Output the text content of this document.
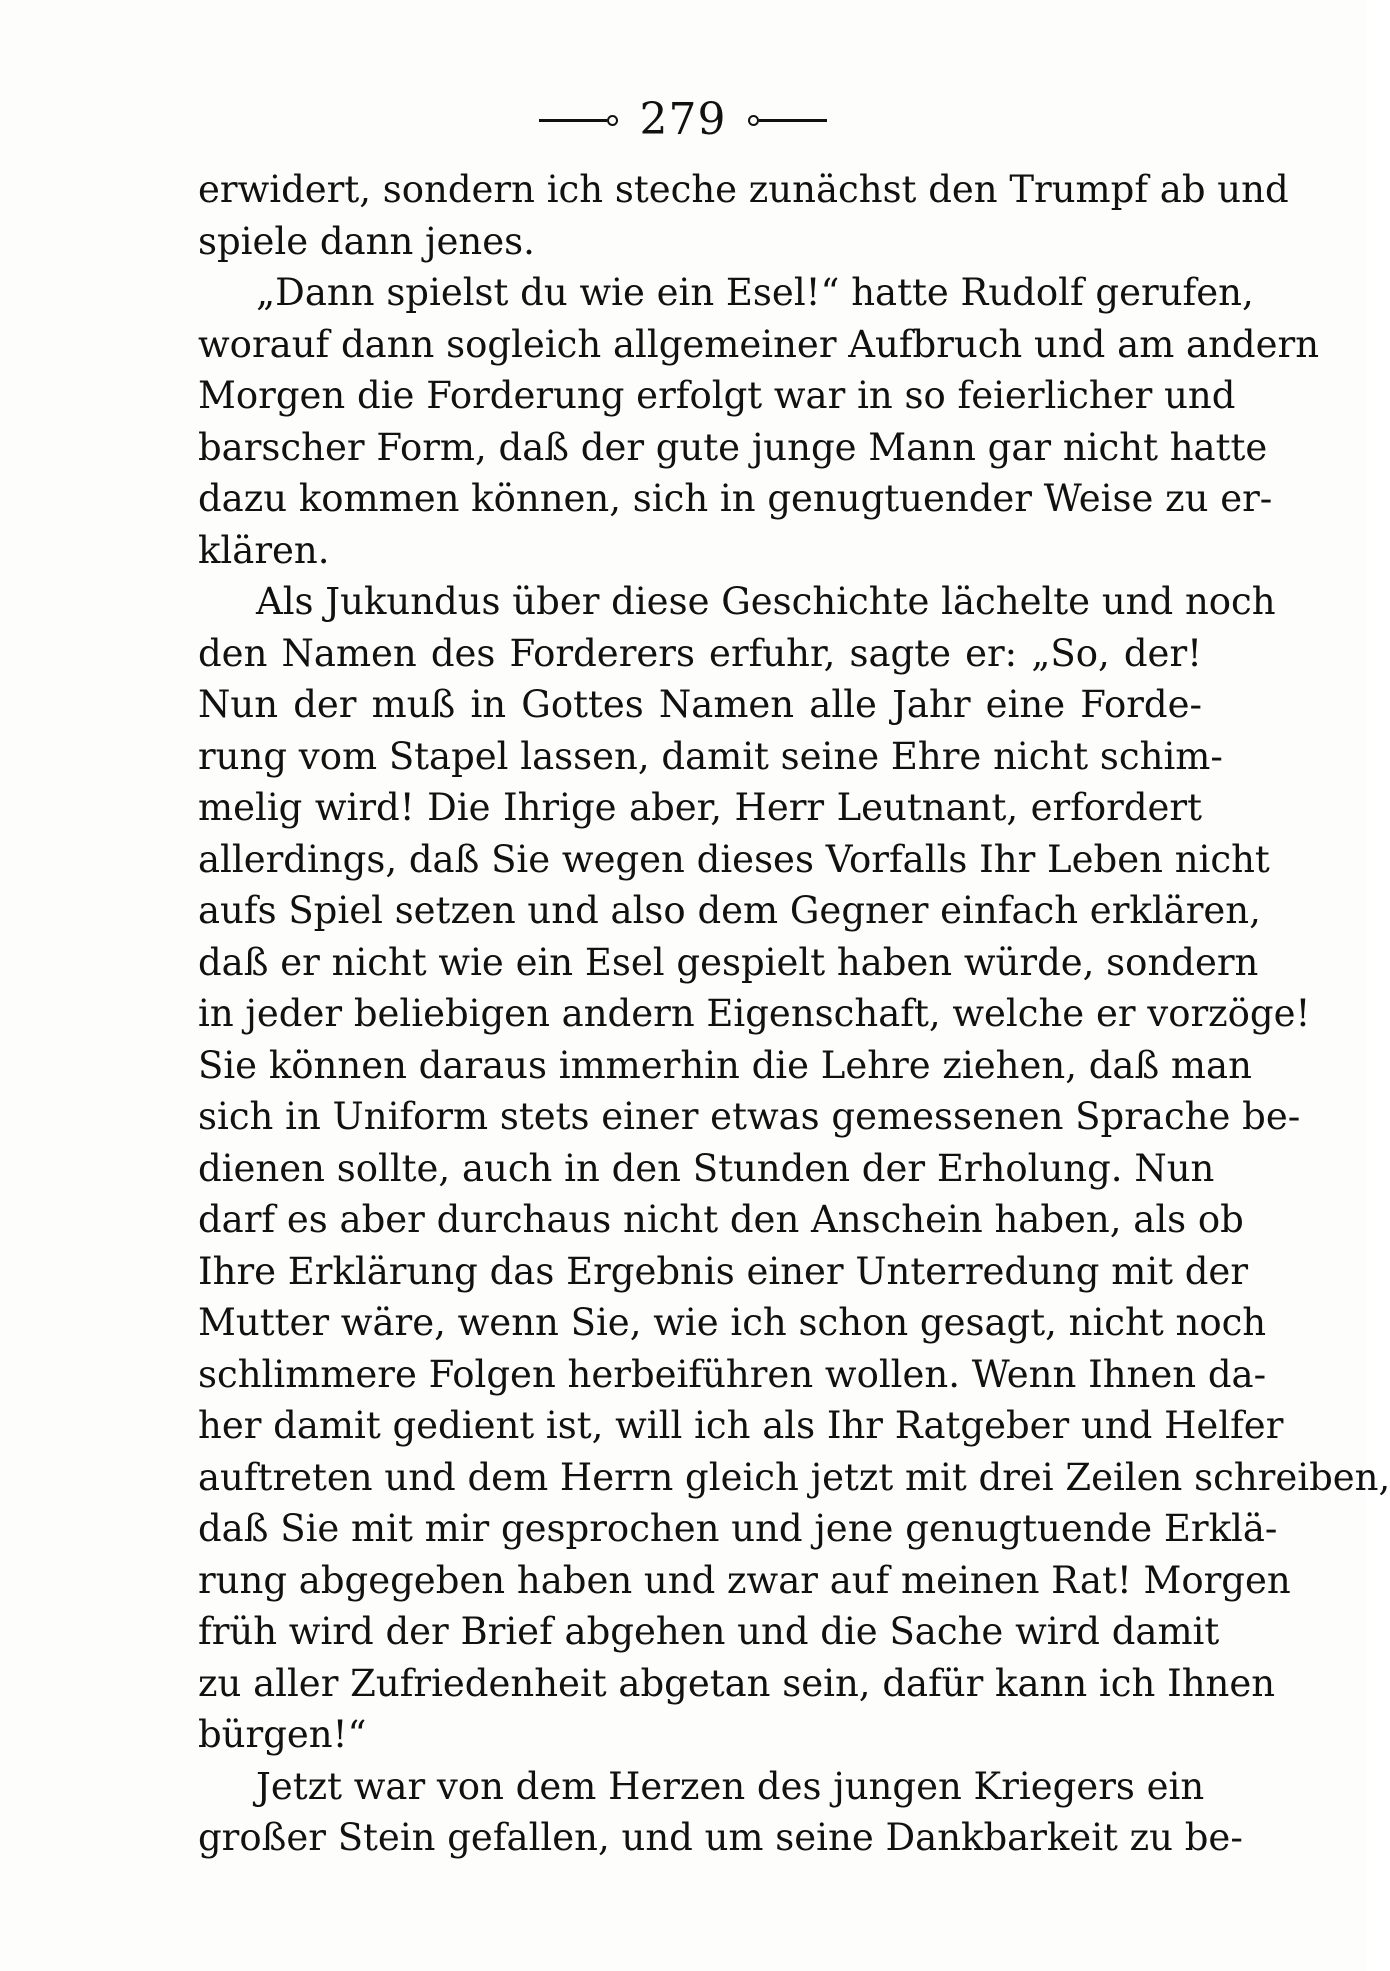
279
erwidert, sondern ich steche zunächst den Trumpf ab und
spiele dann jenes.
„Dann spielst du wie ein Esel!“ hatte Rudolf gerufen,
worauf dann sogleich allgemeiner Aufbruch und am andern
Morgen die Forderung erfolgt war in so feierlicher und
barscher Form, daß der gute junge Mann gar nicht hatte
dazu kommen können, sich in genugtuender Weise zu er-
klären.
Als Jukundus über diese Geschichte lächelte und noch
den Namen des Forderers erfuhr, sagte er: „So, der!
Nun der muß in Gottes Namen alle Jahr eine Forde-
rung vom Stapel lassen, damit seine Ehre nicht schim-
melig wird! Die Ihrige aber, Herr Leutnant, erfordert
allerdings, daß Sie wegen dieses Vorfalls Ihr Leben nicht
aufs Spiel setzen und also dem Gegner einfach erklären,
daß er nicht wie ein Esel gespielt haben würde, sondern
in jeder beliebigen andern Eigenschaft, welche er vorzöge!
Sie können daraus immerhin die Lehre ziehen, daß man
sich in Uniform stets einer etwas gemessenen Sprache be-
dienen sollte, auch in den Stunden der Erholung. Nun
darf es aber durchaus nicht den Anschein haben, als ob
Ihre Erklärung das Ergebnis einer Unterredung mit der
Mutter wäre, wenn Sie, wie ich schon gesagt, nicht noch
schlimmere Folgen herbeiführen wollen. Wenn Ihnen da-
her damit gedient ist, will ich als Ihr Ratgeber und Helfer
auftreten und dem Herrn gleich jetzt mit drei Zeilen schreiben,
daß Sie mit mir gesprochen und jene genugtuende Erklä-
rung abgegeben haben und zwar auf meinen Rat! Morgen
früh wird der Brief abgehen und die Sache wird damit
zu aller Zufriedenheit abgetan sein, dafür kann ich Ihnen
bürgen!“
Jetzt war von dem Herzen des jungen Kriegers ein
großer Stein gefallen, und um seine Dankbarkeit zu be-
